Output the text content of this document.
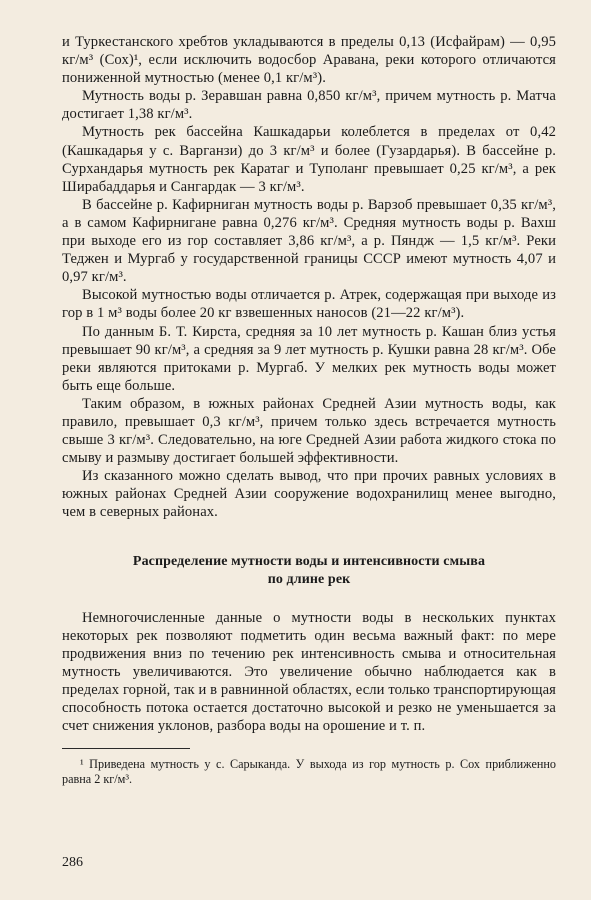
и Туркестанского хребтов укладываются в пределы 0,13 (Исфайрам) — 0,95 кг/м³ (Сох)¹, если исключить водосбор Аравана, реки которого отличаются пониженной мутностью (менее 0,1 кг/м³).

Мутность воды р. Зеравшан равна 0,850 кг/м³, причем мутность р. Матча достигает 1,38 кг/м³.

Мутность рек бассейна Кашкадарьи колеблется в пределах от 0,42 (Кашкадарья у с. Варганзи) до 3 кг/м³ и более (Гузардарья). В бассейне р. Сурхандарья мутность рек Каратаг и Туполанг превышает 0,25 кг/м³, а рек Ширабаддарья и Сангардак — 3 кг/м³.

В бассейне р. Кафирниган мутность воды р. Варзоб превышает 0,35 кг/м³, а в самом Кафирнигане равна 0,276 кг/м³. Средняя мутность воды р. Вахш при выходе его из гор составляет 3,86 кг/м³, а р. Пяндж — 1,5 кг/м³. Реки Теджен и Мургаб у государственной границы СССР имеют мутность 4,07 и 0,97 кг/м³.

Высокой мутностью воды отличается р. Атрек, содержащая при выходе из гор в 1 м³ воды более 20 кг взвешенных наносов (21—22 кг/м³).

По данным Б. Т. Кирста, средняя за 10 лет мутность р. Кашан близ устья превышает 90 кг/м³, а средняя за 9 лет мутность р. Кушки равна 28 кг/м³. Обе реки являются притоками р. Мургаб. У мелких рек мутность воды может быть еще больше.

Таким образом, в южных районах Средней Азии мутность воды, как правило, превышает 0,3 кг/м³, причем только здесь встречается мутность свыше 3 кг/м³. Следовательно, на юге Средней Азии работа жидкого стока по смыву и размыву достигает большей эффективности.

Из сказанного можно сделать вывод, что при прочих равных условиях в южных районах Средней Азии сооружение водохранилищ менее выгодно, чем в северных районах.

Распределение мутности воды и интенсивности смыва
по длине рек

Немногочисленные данные о мутности воды в нескольких пунктах некоторых рек позволяют подметить один весьма важный факт: по мере продвижения вниз по течению рек интенсивность смыва и относительная мутность увеличиваются. Это увеличение обычно наблюдается как в пределах горной, так и в равнинной областях, если только транспортирующая способность потока остается достаточно высокой и резко не уменьшается за счет снижения уклонов, разбора воды на орошение и т. п.

¹ Приведена мутность у с. Сарыканда. У выхода из гор мутность р. Сох приближенно равна 2 кг/м³.

286
